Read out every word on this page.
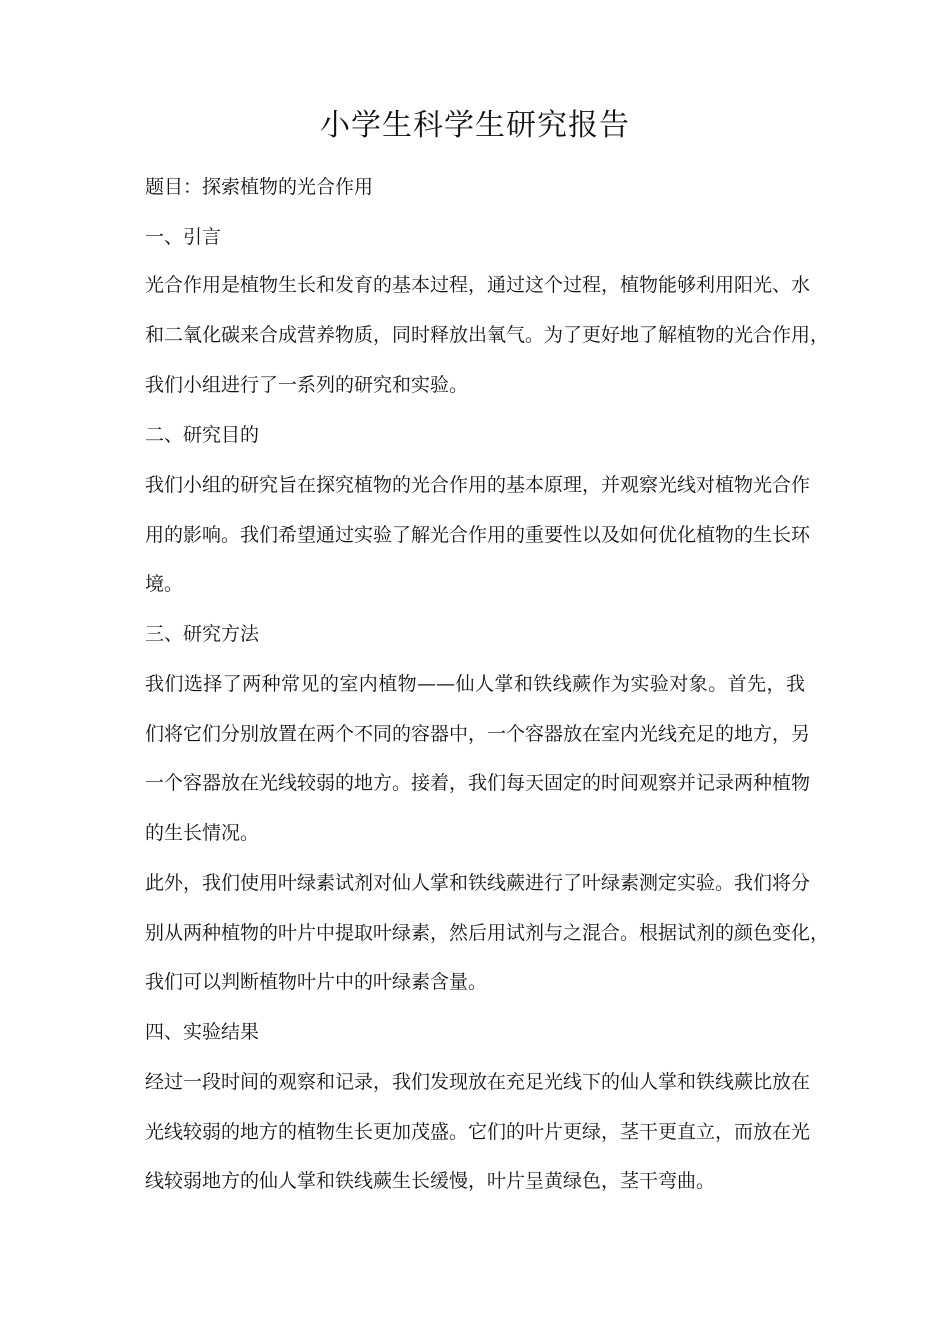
小学生科学生研究报告

题目：探索植物的光合作用

一、引言

光合作用是植物生长和发育的基本过程，通过这个过程，植物能够利用阳光、水

和二氧化碳来合成营养物质，同时释放出氧气。为了更好地了解植物的光合作用，

我们小组进行了一系列的研究和实验。

二、研究目的

我们小组的研究旨在探究植物的光合作用的基本原理，并观察光线对植物光合作

用的影响。我们希望通过实验了解光合作用的重要性以及如何优化植物的生长环

境。

三、研究方法

我们选择了两种常见的室内植物——仙人掌和铁线蕨作为实验对象。首先，我

们将它们分别放置在两个不同的容器中，一个容器放在室内光线充足的地方，另

一个容器放在光线较弱的地方。接着，我们每天固定的时间观察并记录两种植物

的生长情况。

此外，我们使用叶绿素试剂对仙人掌和铁线蕨进行了叶绿素测定实验。我们将分

别从两种植物的叶片中提取叶绿素，然后用试剂与之混合。根据试剂的颜色变化，

我们可以判断植物叶片中的叶绿素含量。

四、实验结果

经过一段时间的观察和记录，我们发现放在充足光线下的仙人掌和铁线蕨比放在

光线较弱的地方的植物生长更加茂盛。它们的叶片更绿，茎干更直立，而放在光

线较弱地方的仙人掌和铁线蕨生长缓慢，叶片呈黄绿色，茎干弯曲。
